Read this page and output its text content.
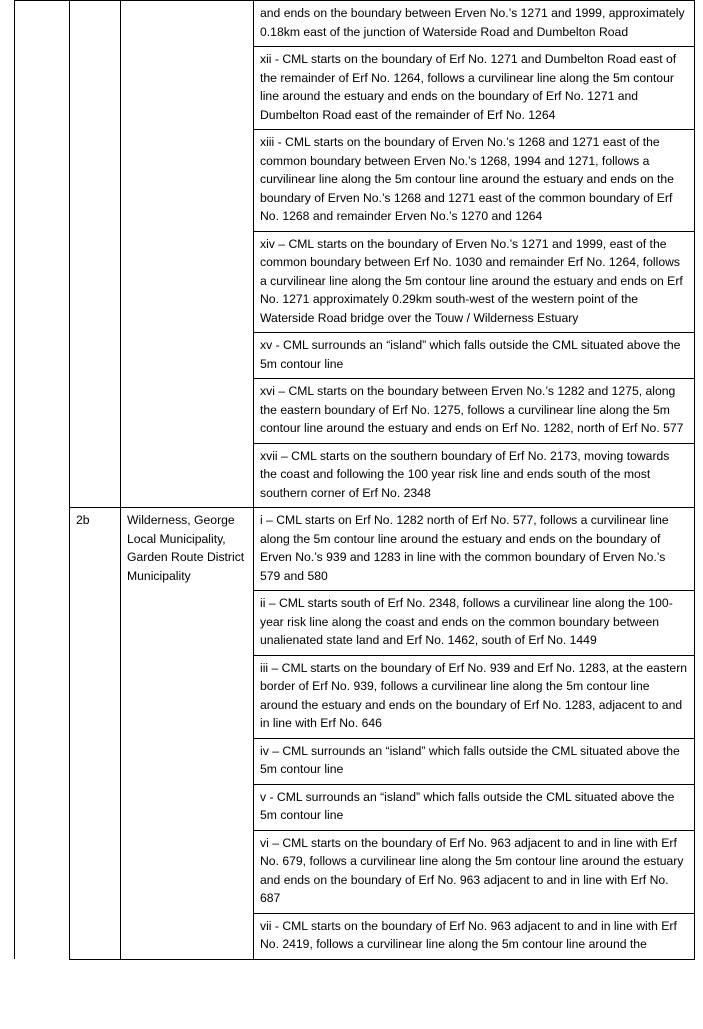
			and ends on the boundary between Erven No.’s 1271 and 1999, approximately 0.18km east of the junction of Waterside Road and Dumbelton Road
			xii - CML starts on the boundary of Erf No. 1271 and Dumbelton Road east of the remainder of Erf No. 1264, follows a curvilinear line along the 5m contour line around the estuary and ends on the boundary of Erf No. 1271 and Dumbelton Road east of the remainder of Erf No. 1264
			xiii - CML starts on the boundary of Erven No.’s 1268 and 1271 east of the common boundary between Erven No.’s 1268, 1994 and 1271, follows a curvilinear line along the 5m contour line around the estuary and ends on the boundary of Erven No.’s 1268 and 1271 east of the common boundary of Erf No. 1268 and remainder Erven No.’s 1270 and 1264
			xiv – CML starts on the boundary of Erven No.’s 1271 and 1999, east of the common boundary between Erf No. 1030 and remainder Erf No. 1264, follows a curvilinear line along the 5m contour line around the estuary and ends on Erf No. 1271 approximately 0.29km south-west of the western point of the Waterside Road bridge over the Touw / Wilderness Estuary
			xv - CML surrounds an “island” which falls outside the CML situated above the 5m contour line
			xvi – CML starts on the boundary between Erven No.’s 1282 and 1275, along the eastern boundary of Erf No. 1275, follows a curvilinear line along the 5m contour line around the estuary and ends on Erf No. 1282, north of Erf No. 577
			xvii – CML starts on the southern boundary of Erf No. 2173, moving towards the coast and following the 100 year risk line and ends south of the most southern corner of Erf No. 2348
	2b	Wilderness, George Local Municipality, Garden Route District Municipality	i – CML starts on Erf No. 1282 north of Erf No. 577, follows a curvilinear line along the 5m contour line around the estuary and ends on the boundary of Erven No.’s 939 and 1283 in line with the common boundary of Erven No.’s 579 and 580
			ii – CML starts south of Erf No. 2348, follows a curvilinear line along the 100-year risk line along the coast and ends on the common boundary between unalienated state land and Erf No. 1462, south of Erf No. 1449
			iii – CML starts on the boundary of Erf No. 939 and Erf No. 1283, at the eastern border of Erf No. 939, follows a curvilinear line along the 5m contour line around the estuary and ends on the boundary of Erf No. 1283, adjacent to and in line with Erf No. 646
			iv – CML surrounds an “island” which falls outside the CML situated above the 5m contour line
			v - CML surrounds an “island” which falls outside the CML situated above the 5m contour line
			vi – CML starts on the boundary of Erf No. 963 adjacent to and in line with Erf No. 679, follows a curvilinear line along the 5m contour line around the estuary and ends on the boundary of Erf No. 963 adjacent to and in line with Erf No. 687
			vii - CML starts on the boundary of Erf No. 963 adjacent to and in line with Erf No. 2419, follows a curvilinear line along the 5m contour line around the
